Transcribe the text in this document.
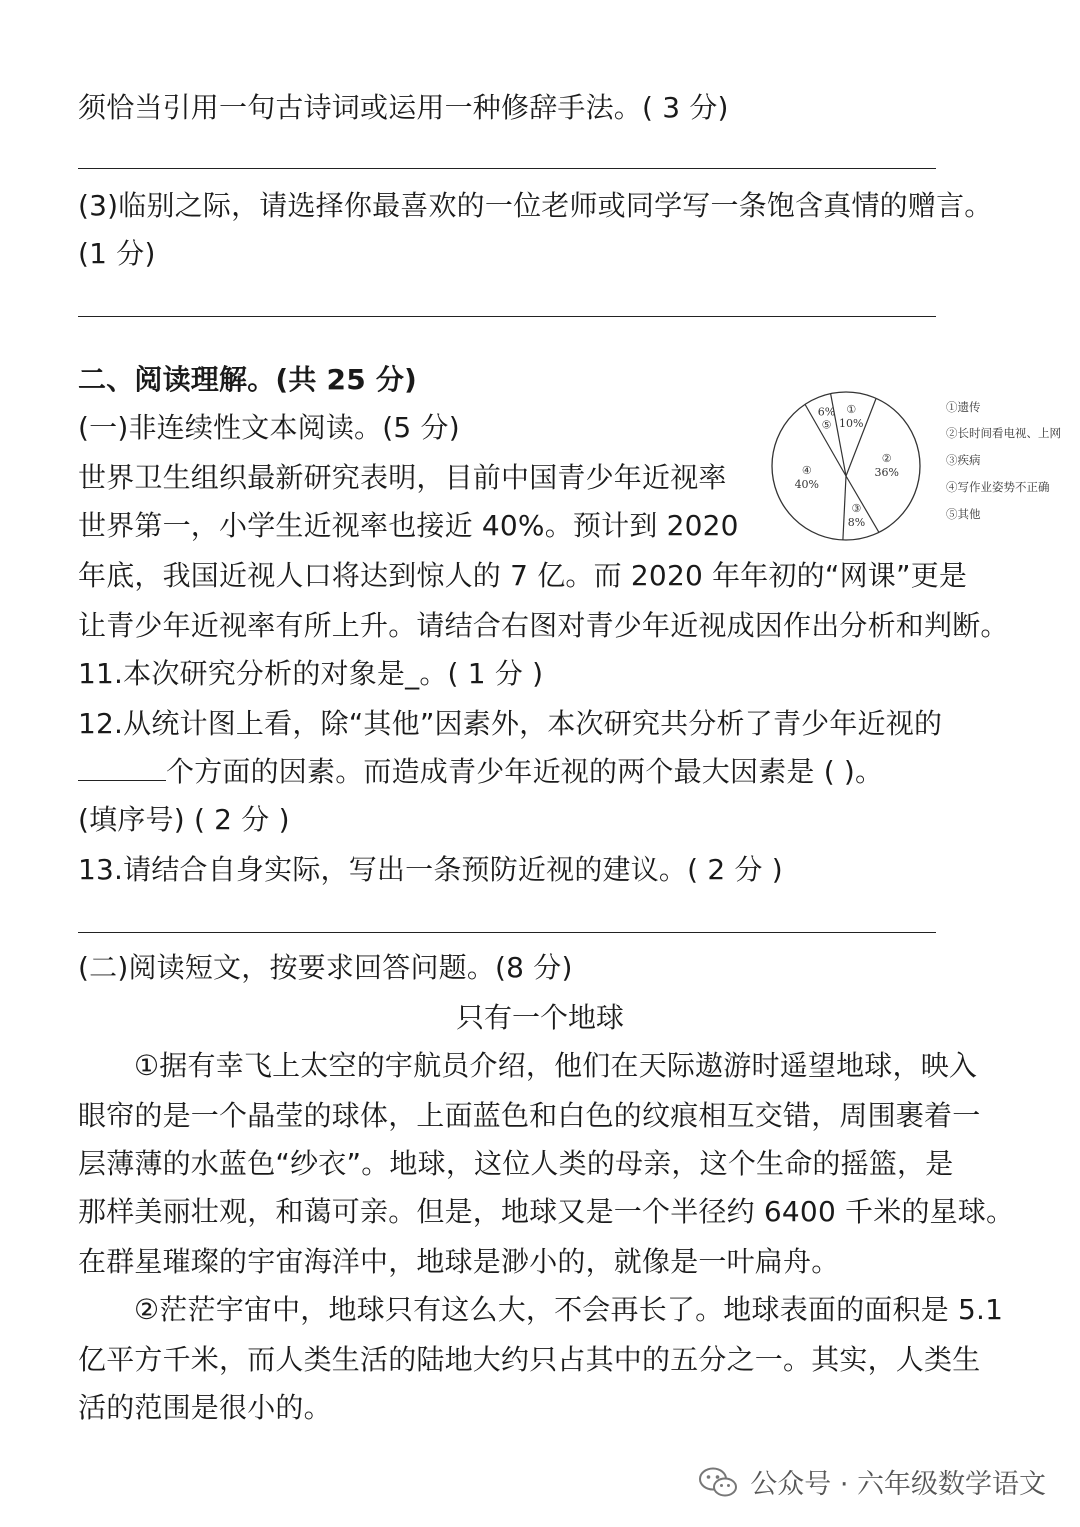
须恰当引用一句古诗词或运用一种修辞手法。( 3 分)
(3)临别之际，请选择你最喜欢的一位老师或同学写一条饱含真情的赠言。
(1 分)
二、阅读理解。(共 25 分)
(一)非连续性文本阅读。(5 分)
世界卫生组织最新研究表明，目前中国青少年近视率
世界第一，小学生近视率也接近 40%。预计到 2020
年底，我国近视人口将达到惊人的 7 亿。而 2020 年年初的“网课”更是
让青少年近视率有所上升。请结合右图对青少年近视成因作出分析和判断。
11.本次研究分析的对象是_。( 1 分 )
12.从统计图上看，除“其他”因素外，本次研究共分析了青少年近视的
个方面的因素。而造成青少年近视的两个最大因素是 ( )。
(填序号) ( 2 分 )
13.请结合自身实际，写出一条预防近视的建议。( 2 分 )
(二)阅读短文，按要求回答问题。(8 分)
只有一个地球
①据有幸飞上太空的宇航员介绍，他们在天际遨游时遥望地球，映入
眼帘的是一个晶莹的球体，上面蓝色和白色的纹痕相互交错，周围裹着一
层薄薄的水蓝色“纱衣”。地球，这位人类的母亲，这个生命的摇篮，是
那样美丽壮观，和蔼可亲。但是，地球又是一个半径约 6400 千米的星球。
在群星璀璨的宇宙海洋中，地球是渺小的，就像是一叶扁舟。
②茫茫宇宙中，地球只有这么大，不会再长了。地球表面的面积是 5.1
亿平方千米，而人类生活的陆地大约只占其中的五分之一。其实，人类生
活的范围是很小的。
①
10%
②
36%
③
8%
④
40%
⑤
6%	①遗传
②长时间看电视、上网
③疾病
④写作业姿势不正确
⑤其他
公众号 · 六年级数学语文
